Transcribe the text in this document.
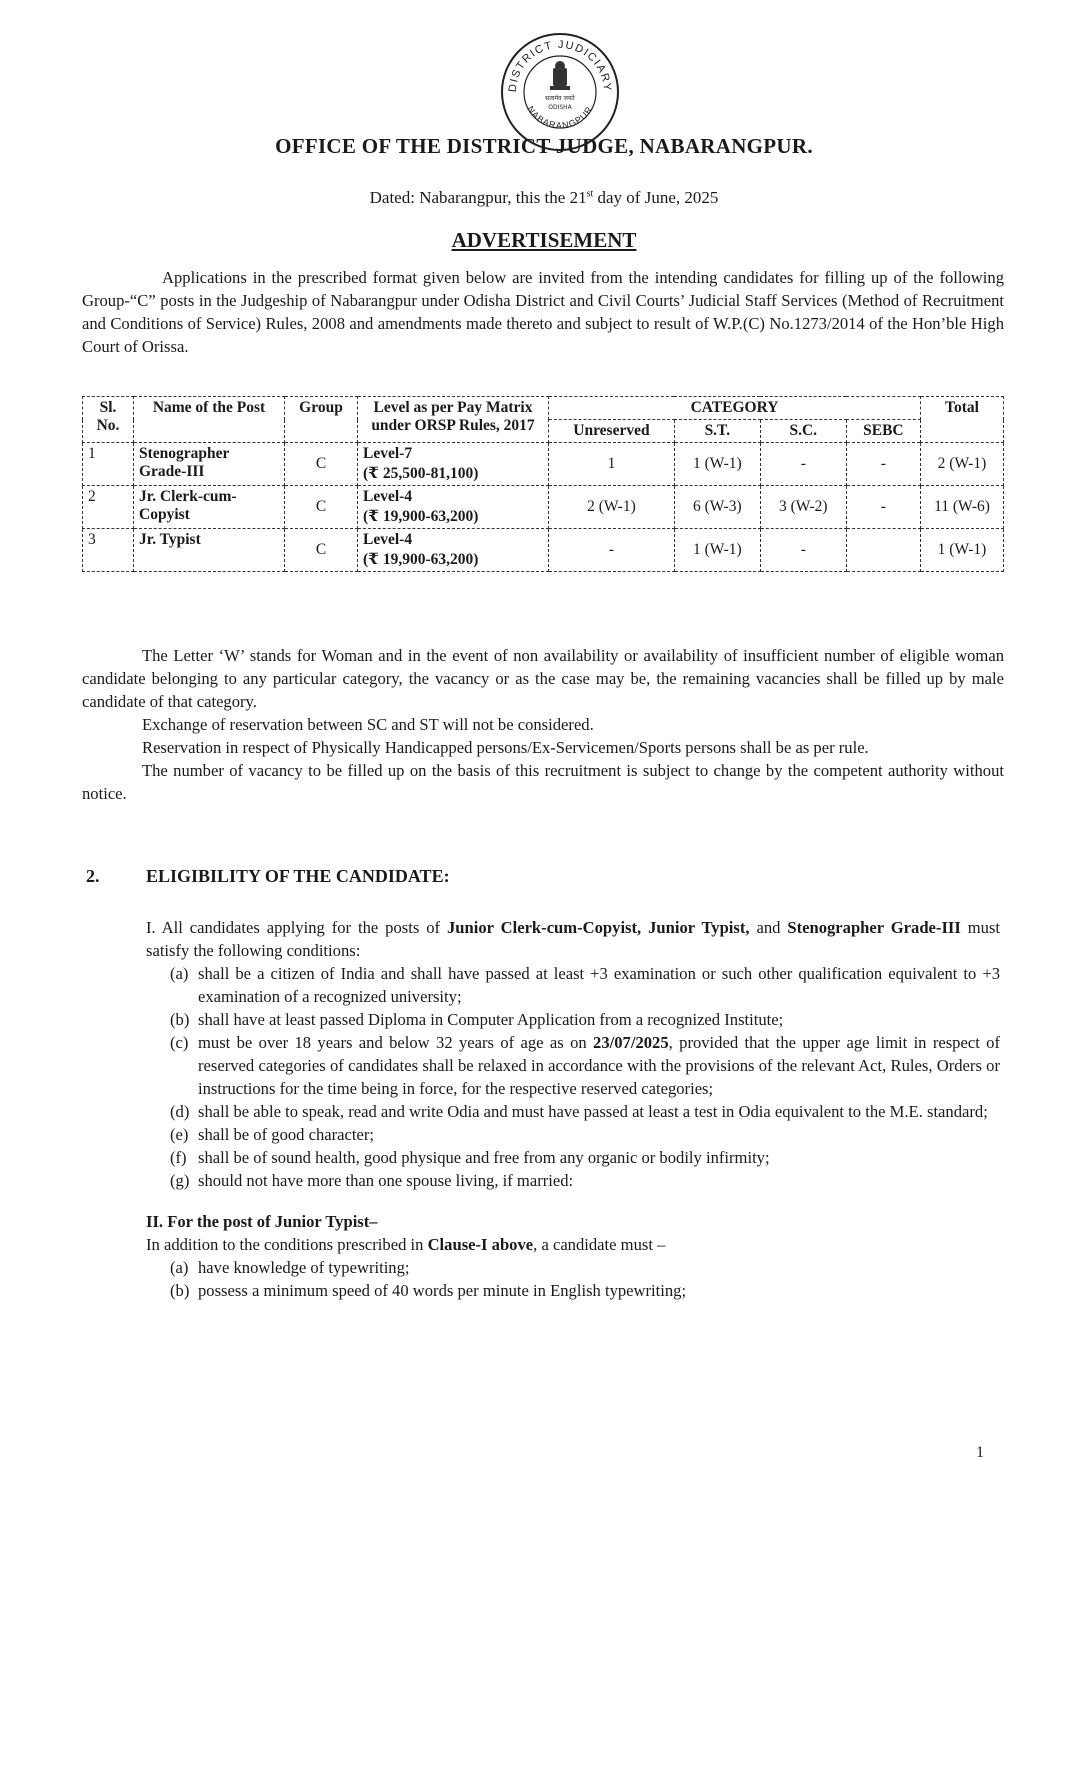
DISTRICT JUDICIARY
NABARANGPUR
सत्यमेव जयते
ODISHA
OFFICE OF THE DISTRICT JUDGE, NABARANGPUR.
Dated: Nabarangpur, this the 21st day of June, 2025
ADVERTISEMENT
Applications in the prescribed format given below are invited from the intending candidates for filling up of the following Group-“C” posts in the Judgeship of Nabarangpur under Odisha District and Civil Courts’ Judicial Staff Services (Method of Recruitment and Conditions of Service) Rules, 2008 and amendments made thereto and subject to result of W.P.(C) No.1273/2014 of the Hon’ble High Court of Orissa.
Sl. No.	Name of the Post	Group	Level as per Pay Matrix under ORSP Rules, 2017	CATEGORY				Total
				Unreserved	S.T.	S.C.	SEBC	
1	Stenographer Grade-III	C	Level-7
(₹ 25,500-81,100)	1	1 (W-1)	-	-	2 (W-1)
2	Jr. Clerk-cum-Copyist	C	Level-4
(₹ 19,900-63,200)	2 (W-1)	6 (W-3)	3 (W-2)	-	11 (W-6)
3	Jr. Typist	C	Level-4
(₹ 19,900-63,200)	-	1 (W-1)	-		1 (W-1)

The Letter ‘W’ stands for Woman and in the event of non availability or availability of insufficient number of eligible woman candidate belonging to any particular category, the vacancy or as the case may be, the remaining vacancies shall be filled up by male candidate of that category.

Exchange of reservation between SC and ST will not be considered.

Reservation in respect of Physically Handicapped persons/Ex-Servicemen/Sports persons shall be as per rule.

The number of vacancy to be filled up on the basis of this recruitment is subject to change by the competent authority without notice.

2.	ELIGIBILITY OF THE CANDIDATE:

I. All candidates applying for the posts of Junior Clerk-cum-Copyist, Junior Typist, and Stenographer Grade-III must satisfy the following conditions:

(a) shall be a citizen of India and shall have passed at least +3 examination or such other qualification equivalent to +3 examination of a recognized university;

(b) shall have at least passed Diploma in Computer Application from a recognized Institute;

(c) must be over 18 years and below 32 years of age as on 23/07/2025, provided that the upper age limit in respect of reserved categories of candidates shall be relaxed in accordance with the provisions of the relevant Act, Rules, Orders or instructions for the time being in force, for the respective reserved categories;

(d) shall be able to speak, read and write Odia and must have passed at least a test in Odia equivalent to the M.E. standard;

(e) shall be of good character;

(f) shall be of sound health, good physique and free from any organic or bodily infirmity;

(g) should not have more than one spouse living, if married:

II. For the post of Junior Typist–

In addition to the conditions prescribed in Clause-I above, a candidate must –

(a) have knowledge of typewriting;

(b) possess a minimum speed of 40 words per minute in English typewriting;

1
